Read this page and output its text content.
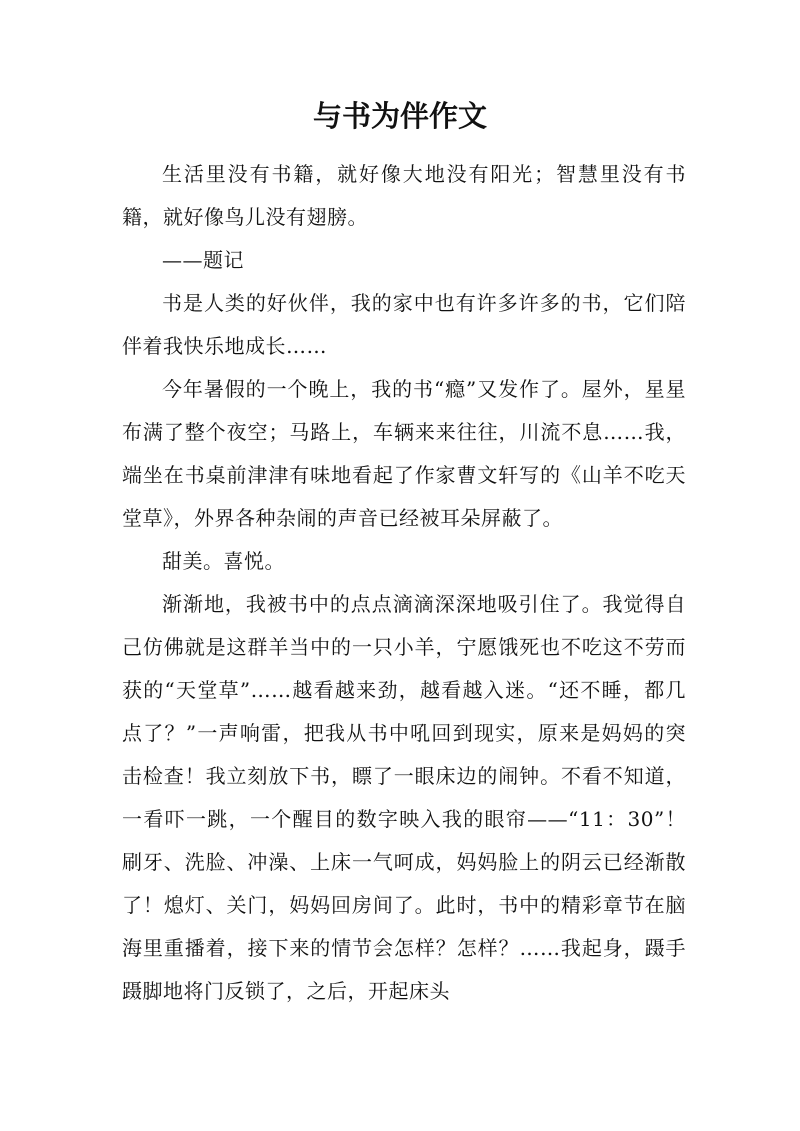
与书为伴作文

生活里没有书籍，就好像大地没有阳光；智慧里没有书籍，就好像鸟儿没有翅膀。

——题记

书是人类的好伙伴，我的家中也有许多许多的书，它们陪伴着我快乐地成长……

今年暑假的一个晚上，我的书“瘾”又发作了。屋外，星星布满了整个夜空；马路上，车辆来来往往，川流不息……我，端坐在书桌前津津有味地看起了作家曹文轩写的《山羊不吃天堂草》，外界各种杂闹的声音已经被耳朵屏蔽了。

甜美。喜悦。

渐渐地，我被书中的点点滴滴深深地吸引住了。我觉得自己仿佛就是这群羊当中的一只小羊，宁愿饿死也不吃这不劳而获的“天堂草”……越看越来劲，越看越入迷。“还不睡，都几点了？”一声响雷，把我从书中吼回到现实，原来是妈妈的突击检查！我立刻放下书，瞟了一眼床边的闹钟。不看不知道，一看吓一跳，一个醒目的数字映入我的眼帘——“11：30”！刷牙、洗脸、冲澡、上床一气呵成，妈妈脸上的阴云已经渐散了！熄灯、关门，妈妈回房间了。此时，书中的精彩章节在脑海里重播着，接下来的情节会怎样？怎样？……我起身，蹑手蹑脚地将门反锁了，之后，开起床头
